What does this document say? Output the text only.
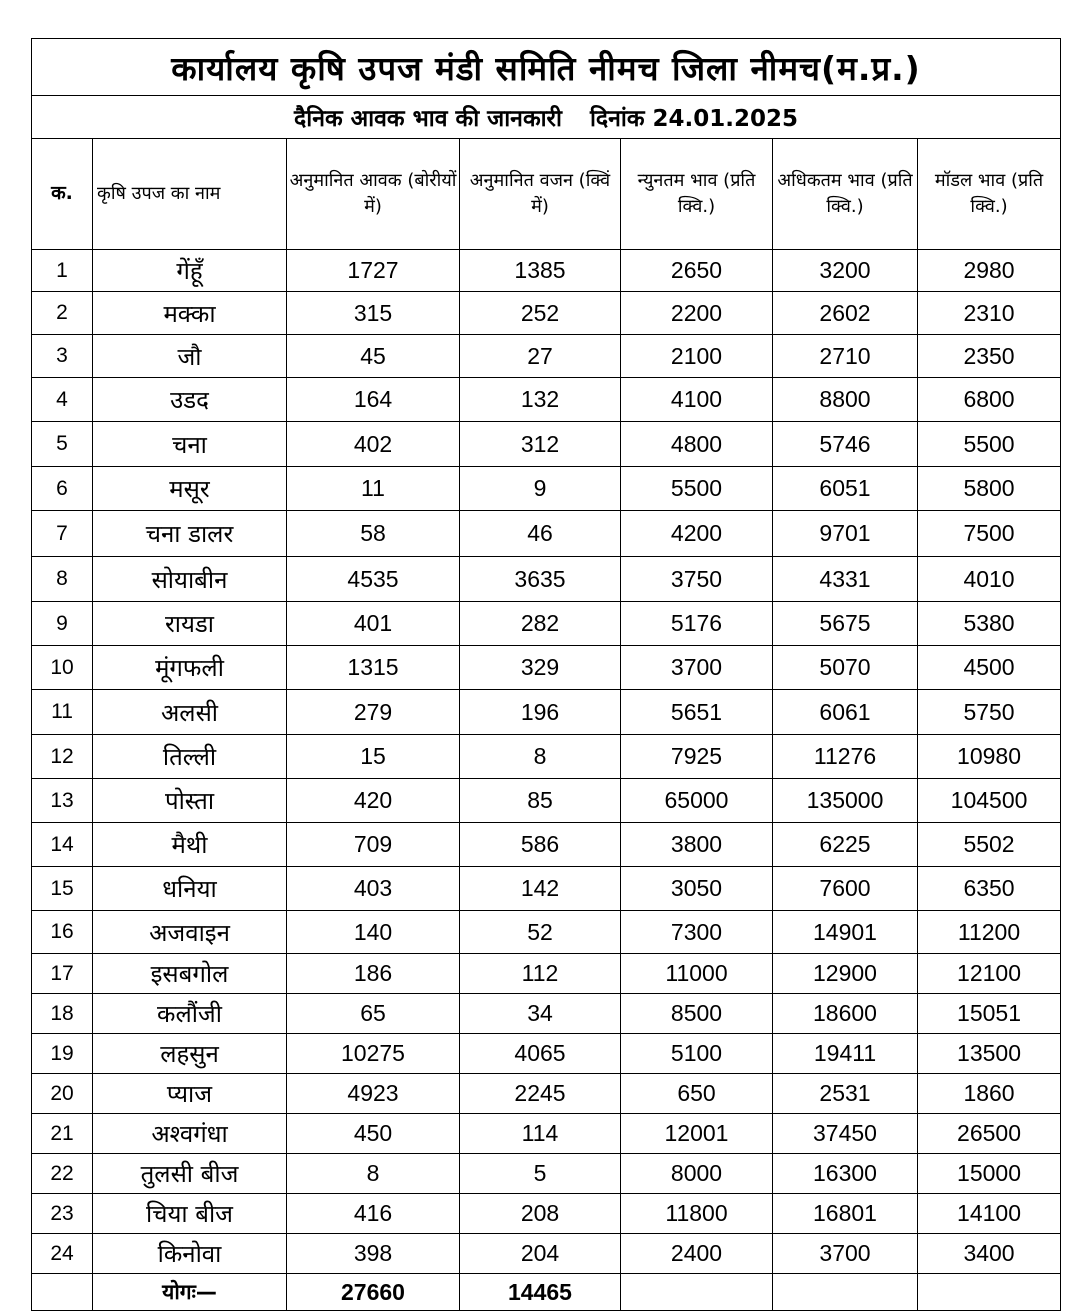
कार्यालय कृषि उपज मंडी समिति नीमच जिला नीमच(म.प्र.)						
दैनिक आवक भाव की जानकारी दिनांक 24.01.2025						
क.	कृषि उपज का नाम	अनुमानित आवक (बोरीयों में)	अनुमानित वजन (क्विं में)	न्युनतम भाव (प्रति क्वि.)	अधिकतम भाव (प्रति क्वि.)	मॉडल भाव (प्रति क्वि.)
1	गेंहूँ	1727	1385	2650	3200	2980
2	मक्का	315	252	2200	2602	2310
3	जौ	45	27	2100	2710	2350
4	उडद	164	132	4100	8800	6800
5	चना	402	312	4800	5746	5500
6	मसूर	11	9	5500	6051	5800
7	चना डालर	58	46	4200	9701	7500
8	सोयाबीन	4535	3635	3750	4331	4010
9	रायडा	401	282	5176	5675	5380
10	मूंगफली	1315	329	3700	5070	4500
11	अलसी	279	196	5651	6061	5750
12	तिल्ली	15	8	7925	11276	10980
13	पोस्ता	420	85	65000	135000	104500
14	मैथी	709	586	3800	6225	5502
15	धनिया	403	142	3050	7600	6350
16	अजवाइन	140	52	7300	14901	11200
17	इसबगोल	186	112	11000	12900	12100
18	कलौंजी	65	34	8500	18600	15051
19	लहसुन	10275	4065	5100	19411	13500
20	प्याज	4923	2245	650	2531	1860
21	अश्वगंधा	450	114	12001	37450	26500
22	तुलसी बीज	8	5	8000	16300	15000
23	चिया बीज	416	208	11800	16801	14100
24	किनोवा	398	204	2400	3700	3400
	योगः—	27660	14465			
